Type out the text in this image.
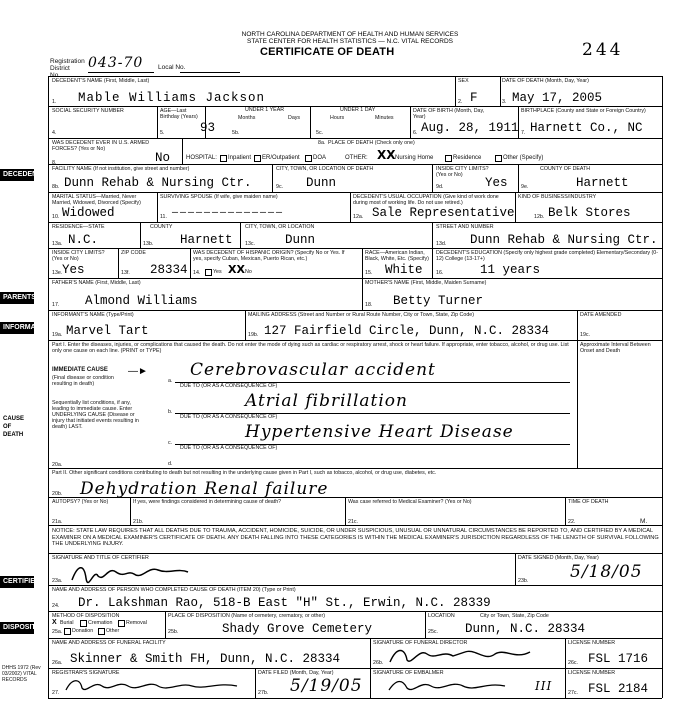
NORTH CAROLINA DEPARTMENT OF HEALTH AND HUMAN SERVICES
STATE CENTER FOR HEALTH STATISTICS — N.C. VITAL RECORDS
CERTIFICATE OF DEATH	244
Registration District No.
043-70 Local No.
DECEDENT'S NAME (First, Middle, Last)	SEX	DATE OF DEATH (Month, Day, Year)
1. Mable Williams Jackson	2. F	3. May 17, 2005
SOCIAL SECURITY NUMBER	AGE—Last Birthday (Years)
UNDER 1 YEAR
Months	Days
UNDER 1 DAY
Hours	Minutes
DATE OF BIRTH (Month, Day, Year)
BIRTHPLACE (County and State or Foreign Country)
4.	5.	93	5b.	5c.	6. Aug. 28, 1911 7. Harnett Co., NC
WAS DECEDENT EVER IN U.S. ARMED FORCES? (Yes or No)
8a. PLACE OF DEATH (Check only one)
8.	No	HOSPITAL: Inpatient ER/Outpatient DOA	OTHER: XX Nursing Home	Residence	Other (Specify)
DECEDENT
FACILITY NAME (If not institution, give street and number)	CITY, TOWN, OR LOCATION OF DEATH	INSIDE CITY LIMITS? (Yes or No)
COUNTY OF DEATH
8b. Dunn Rehab & Nursing Ctr.	9c. Dunn	9d.	Yes	9e.	Harnett
MARITAL STATUS—Married, Never Married, Widowed, Divorced (Specify)
SURVIVING SPOUSE (If wife, give maiden name)	DECEDENT'S USUAL OCCUPATION (Give kind of work done during most of working life. Do not use retired.)
KIND OF BUSINESS/INDUSTRY
10. Widowed	11. ——————————————	12a. Sale Representative	12b. Belk Stores
RESIDENCE—STATE	COUNTY	CITY, TOWN, OR LOCATION	STREET AND NUMBER
13a. N.C.	13b. Harnett 13c. Dunn	13d. Dunn Rehab & Nursing Ctr.
INSIDE CITY LIMITS? (Yes or No)
ZIP CODE	WAS DECEDENT OF HISPANIC ORIGIN? (Specify No or Yes. If yes, specify Cuban, Mexican, Puerto Rican, etc.)
RACE—American Indian, Black, White, Etc. (Specify)
DECEDENT'S EDUCATION (Specify only highest grade completed) Elementary/Secondary (0-12) College (13-17+)
13e. Yes	13f. 28334 14. Yes XX No	15. White	16.	11 years
PARENTS
FATHER'S NAME (First, Middle, Last)	MOTHER'S NAME (First, Middle, Maiden Surname)
17. Almond Williams	18. Betty Turner
INFORMANT
INFORMANT'S NAME (Type/Print)	MAILING ADDRESS (Street and Number or Rural Route Number, City or Town, State, Zip Code)	DATE AMENDED
19a. Marvel Tart	19b. 127 Fairfield Circle, Dunn, N.C. 28334	19c.
Part I. Enter the diseases, injuries, or complications that caused the death. Do not enter the mode of dying such as cardiac or respiratory arrest, shock or heart failure. If appropriate, enter tobacco, alcohol, or drug use. List only one cause on each line. (PRINT or TYPE)
Approximate Interval Between Onset and Death
CAUSE OF DEATH
IMMEDIATE CAUSE
(Final disease or condition resulting in death)
—►
a.
Cerebrovascular accident
DUE TO (OR AS A CONSEQUENCE OF)
Sequentially list conditions, if any, leading to immediate cause. Enter UNDERLYING CAUSE (Disease or injury that initiated events resulting in death) LAST.
b.
Atrial fibrillation
DUE TO (OR AS A CONSEQUENCE OF)
c.
Hypertensive Heart Disease
DUE TO (OR AS A CONSEQUENCE OF)
d.
20a.
Part II. Other significant conditions contributing to death but not resulting in the underlying cause given in Part I, such as tobacco, alcohol, or drug use, diabetes, etc.
20b. Dehydration Renal failure
AUTOPSY? (Yes or No)	If yes, were findings considered in determining cause of death?	Was case referred to Medical Examiner? (Yes or No)	TIME OF DEATH
21a.	21b.	21c.	22.	M.
NOTICE: STATE LAW REQUIRES THAT ALL DEATHS DUE TO TRAUMA, ACCIDENT, HOMICIDE, SUICIDE, OR UNDER SUSPICIOUS, UNUSUAL OR UNNATURAL CIRCUMSTANCES BE REPORTED TO, AND CERTIFIED BY A MEDICAL EXAMINER ON A MEDICAL EXAMINER'S CERTIFICATE OF DEATH. ANY DEATH FALLING INTO THESE CATEGORIES IS WITHIN THE MEDICAL EXAMINER'S JURISDICTION REGARDLESS OF THE LENGTH OF SURVIVAL FOLLOWING THE UNDERLYING INJURY.
CERTIFIER
SIGNATURE AND TITLE OF CERTIFIER	DATE SIGNED (Month, Day, Year)
23a.	23b. 5/18/05
NAME AND ADDRESS OF PERSON WHO COMPLETED CAUSE OF DEATH (ITEM 20) (Type or Print)
24. Dr. Lakshman Rao, 518-B East "H" St., Erwin, N.C. 28339
DISPOSITION
METHOD OF DISPOSITION
X Burial	Cremation	Removal
Donation Other
25a.
PLACE OF DISPOSITION (Name of cemetery, crematory, or other)
25b.	Shady Grove Cemetery
LOCATION	City or Town, State, Zip Code
25c. Dunn, N.C. 28334
NAME AND ADDRESS OF FUNERAL FACILITY	SIGNATURE OF FUNERAL DIRECTOR	LICENSE NUMBER
26a. Skinner & Smith FH, Dunn, N.C. 28334	26b.	26c. FSL 1716
REGISTRAR'S SIGNATURE	DATE FILED (Month, Day, Year)	SIGNATURE OF EMBALMER	LICENSE NUMBER
27.	27b. 5/19/05	III	27c. FSL 2184
DHHS 1972 (Rev 03/2002) VITAL RECORDS
